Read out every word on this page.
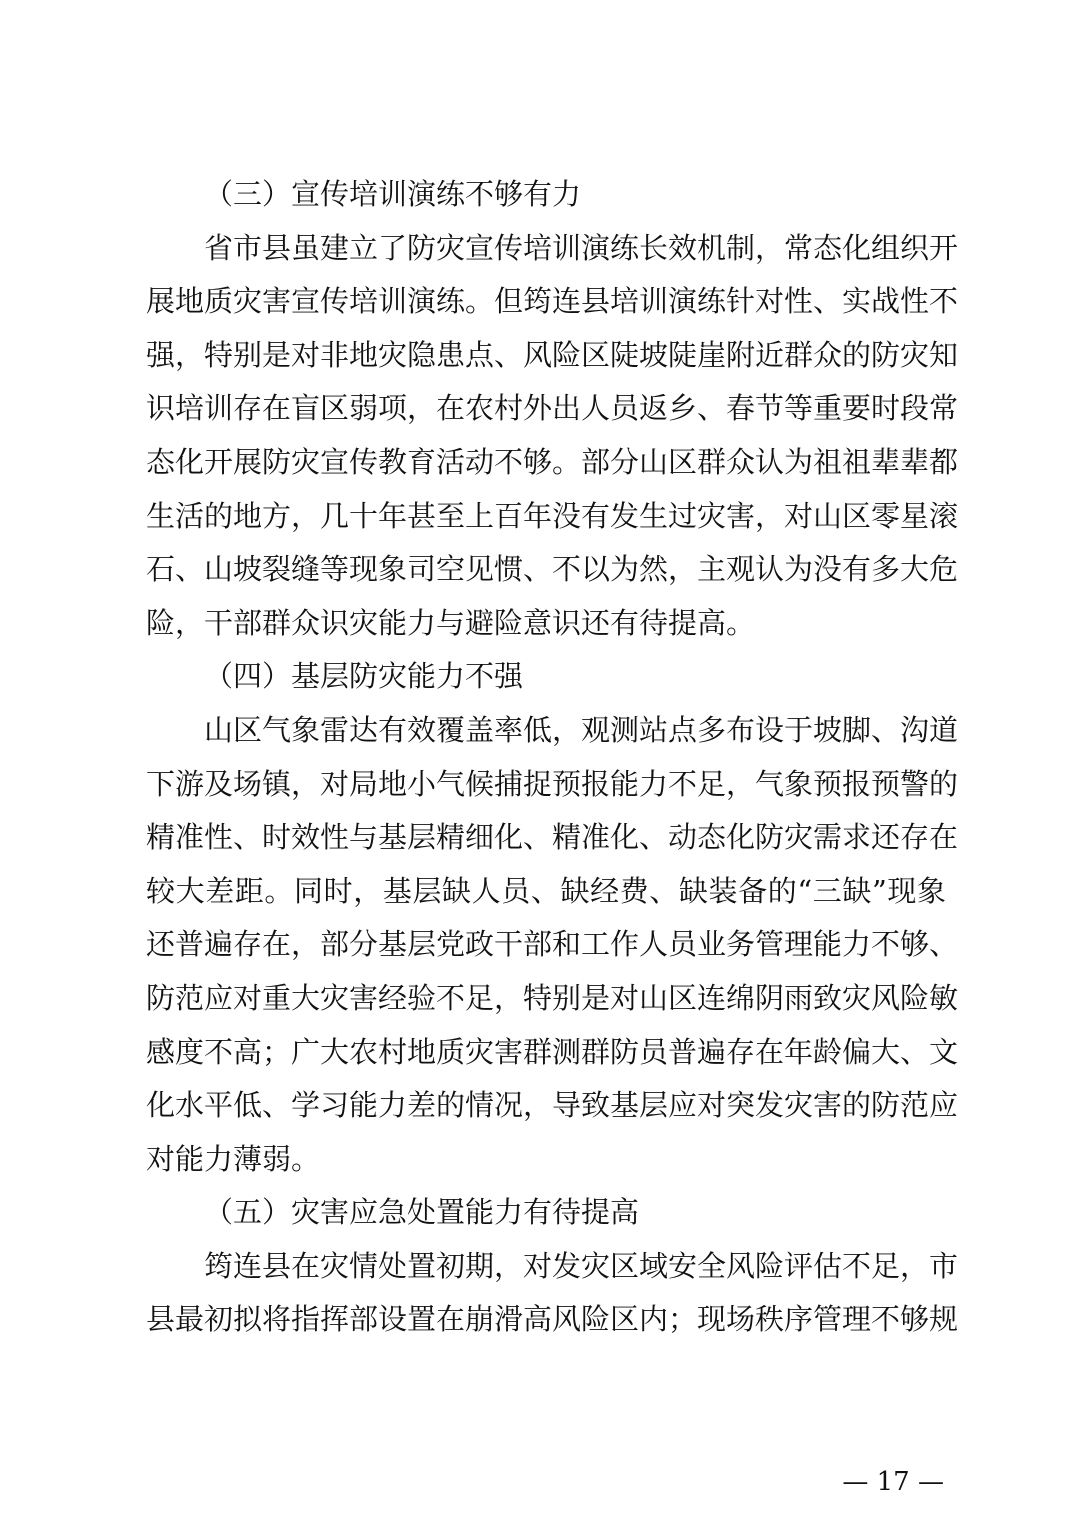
（三）宣传培训演练不够有力
省市县虽建立了防灾宣传培训演练长效机制，常态化组织开
展地质灾害宣传培训演练。但筠连县培训演练针对性、实战性不
强，特别是对非地灾隐患点、风险区陡坡陡崖附近群众的防灾知
识培训存在盲区弱项，在农村外出人员返乡、春节等重要时段常
态化开展防灾宣传教育活动不够。部分山区群众认为祖祖辈辈都
生活的地方，几十年甚至上百年没有发生过灾害，对山区零星滚
石、山坡裂缝等现象司空见惯、不以为然，主观认为没有多大危
险，干部群众识灾能力与避险意识还有待提高。
（四）基层防灾能力不强
山区气象雷达有效覆盖率低，观测站点多布设于坡脚、沟道
下游及场镇，对局地小气候捕捉预报能力不足，气象预报预警的
精准性、时效性与基层精细化、精准化、动态化防灾需求还存在
较大差距。同时，基层缺人员、缺经费、缺装备的“三缺”现象
还普遍存在，部分基层党政干部和工作人员业务管理能力不够、
防范应对重大灾害经验不足，特别是对山区连绵阴雨致灾风险敏
感度不高；广大农村地质灾害群测群防员普遍存在年龄偏大、文
化水平低、学习能力差的情况，导致基层应对突发灾害的防范应
对能力薄弱。
（五）灾害应急处置能力有待提高
筠连县在灾情处置初期，对发灾区域安全风险评估不足，市
县最初拟将指挥部设置在崩滑高风险区内；现场秩序管理不够规
— 17 —
